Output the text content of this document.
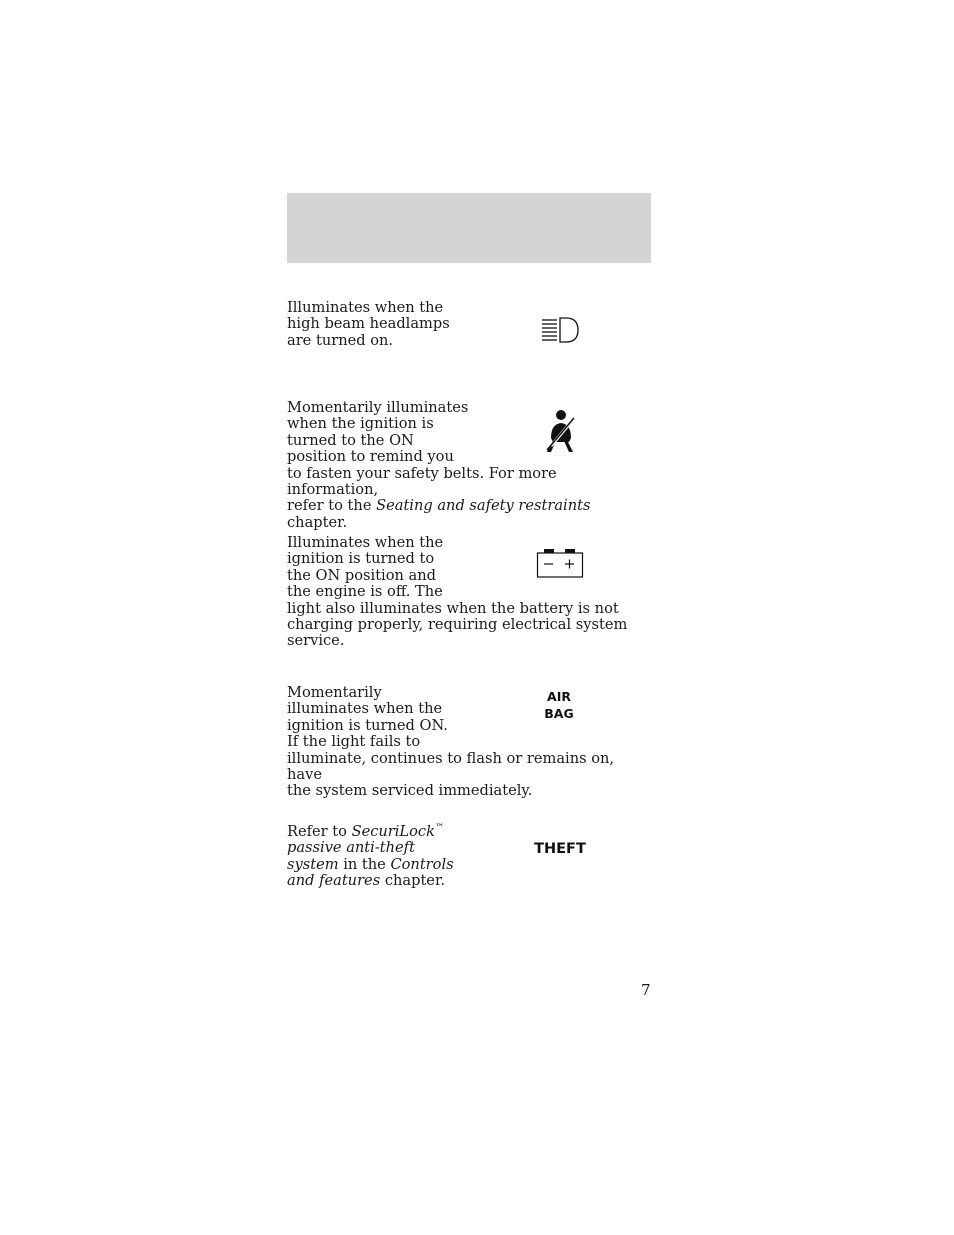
Illuminates when the

high beam headlamps

are turned on.

Momentarily illuminates

when the ignition is

turned to the ON

position to remind you

to fasten your safety belts. For more information,

refer to the Seating and safety restraints chapter.

Illuminates when the

ignition is turned to

the ON position and

the engine is off. The

light also illuminates when the battery is not

charging properly, requiring electrical system

service.

Momentarily

illuminates when the

ignition is turned ON.

If the light fails to

illuminate, continues to flash or remains on, have

the system serviced immediately.

AIR
BAG

Refer to SecuriLock™

passive anti-theft

system in the Controls

and features chapter.

THEFT
7
